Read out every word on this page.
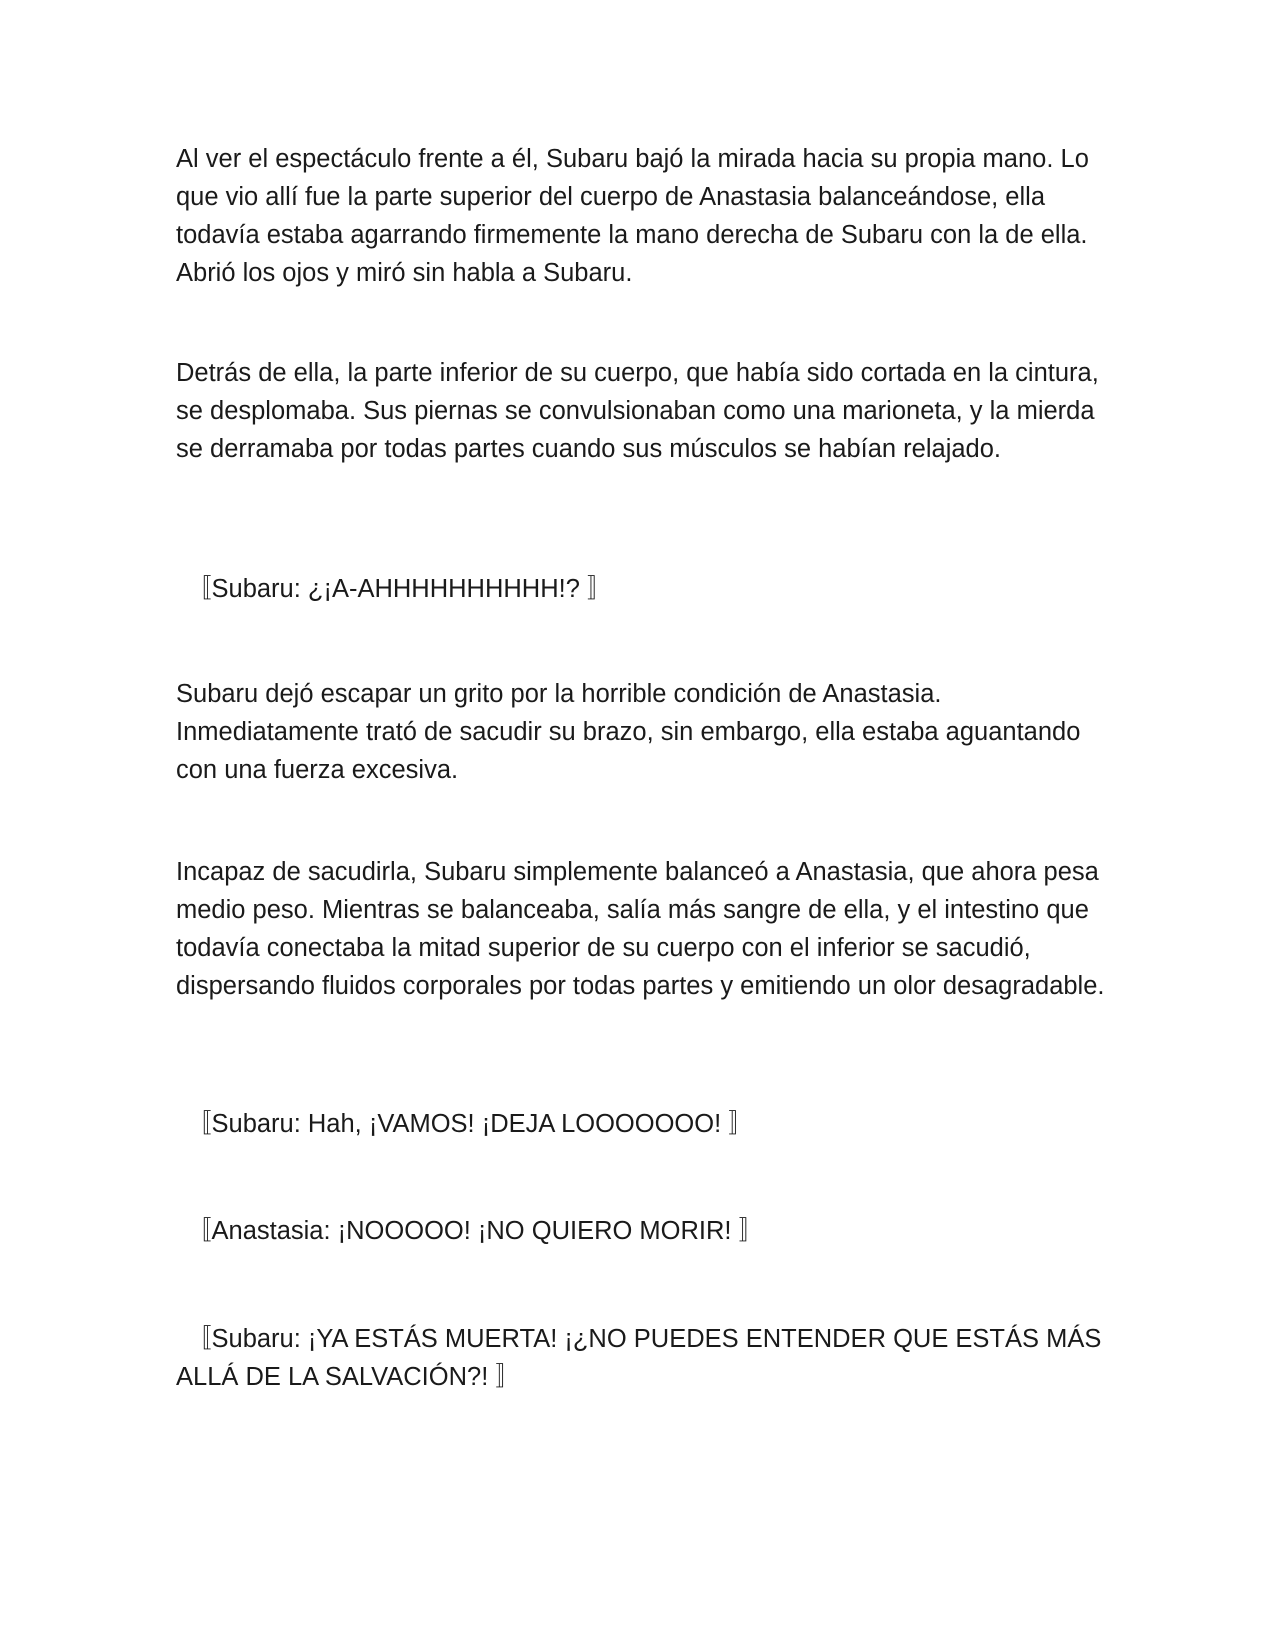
Al ver el espectáculo frente a él, Subaru bajó la mirada hacia su propia mano. Lo que vio allí fue la parte superior del cuerpo de Anastasia balanceándose, ella todavía estaba agarrando firmemente la mano derecha de Subaru con la de ella. Abrió los ojos y miró sin habla a Subaru.

Detrás de ella, la parte inferior de su cuerpo, que había sido cortada en la cintura, se desplomaba. Sus piernas se convulsionaban como una marioneta, y la mierda se derramaba por todas partes cuando sus músculos se habían relajado.

〚Subaru: ¿¡A-AHHHHHHHHHH!? 〛

Subaru dejó escapar un grito por la horrible condición de Anastasia. Inmediatamente trató de sacudir su brazo, sin embargo, ella estaba aguantando con una fuerza excesiva.

Incapaz de sacudirla, Subaru simplemente balanceó a Anastasia, que ahora pesa medio peso. Mientras se balanceaba, salía más sangre de ella, y el intestino que todavía conectaba la mitad superior de su cuerpo con el inferior se sacudió, dispersando fluidos corporales por todas partes y emitiendo un olor desagradable.

〚Subaru: Hah, ¡VAMOS! ¡DEJA LOOOOOOO! 〛

〚Anastasia: ¡NOOOOO! ¡NO QUIERO MORIR! 〛

〚Subaru: ¡YA ESTÁS MUERTA! ¡¿NO PUEDES ENTENDER QUE ESTÁS MÁS ALLÁ DE LA SALVACIÓN?! 〛
